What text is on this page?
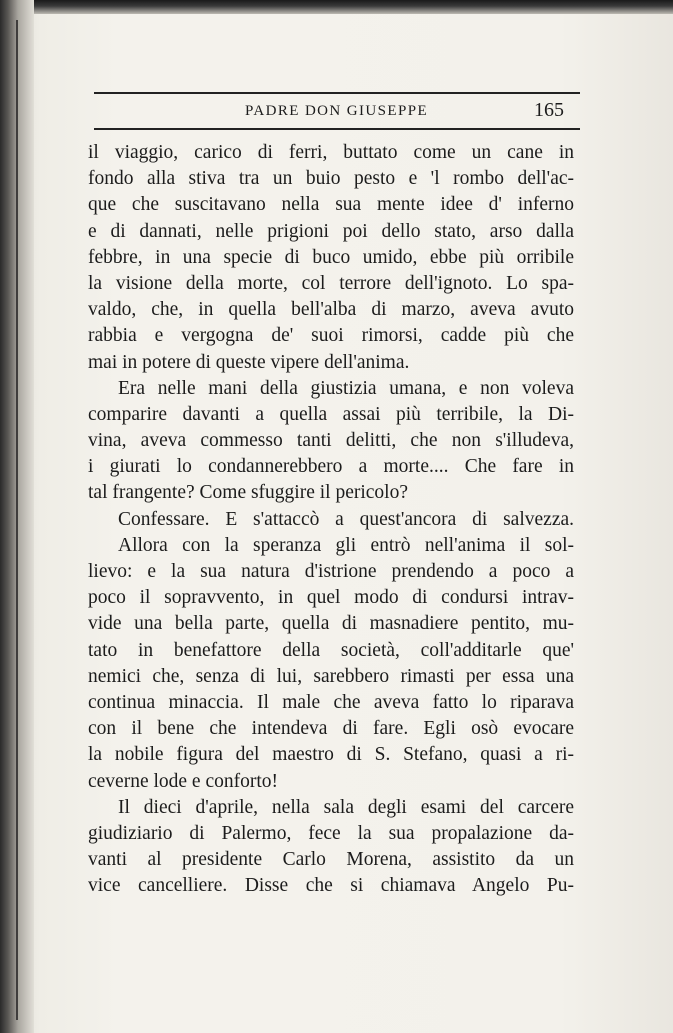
PADRE DON GIUSEPPE	165
il viaggio, carico di ferri, buttato come un cane in
fondo alla stiva tra un buio pesto e 'l rombo dell'ac-
que che suscitavano nella sua mente idee d' inferno
e di dannati, nelle prigioni poi dello stato, arso dalla
febbre, in una specie di buco umido, ebbe più orribile
la visione della morte, col terrore dell'ignoto. Lo spa-
valdo, che, in quella bell'alba di marzo, aveva avuto
rabbia e vergogna de' suoi rimorsi, cadde più che
mai in potere di queste vipere dell'anima.
Era nelle mani della giustizia umana, e non voleva
comparire davanti a quella assai più terribile, la Di-
vina, aveva commesso tanti delitti, che non s'illudeva,
i giurati lo condannerebbero a morte.... Che fare in
tal frangente? Come sfuggire il pericolo?
Confessare. E s'attaccò a quest'ancora di salvezza.
Allora con la speranza gli entrò nell'anima il sol-
lievo: e la sua natura d'istrione prendendo a poco a
poco il sopravvento, in quel modo di condursi intrav-
vide una bella parte, quella di masnadiere pentito, mu-
tato in benefattore della società, coll'additarle que'
nemici che, senza di lui, sarebbero rimasti per essa una
continua minaccia. Il male che aveva fatto lo riparava
con il bene che intendeva di fare. Egli osò evocare
la nobile figura del maestro di S. Stefano, quasi a ri-
ceverne lode e conforto!
Il dieci d'aprile, nella sala degli esami del carcere
giudiziario di Palermo, fece la sua propalazione da-
vanti al presidente Carlo Morena, assistito da un
vice cancelliere. Disse che si chiamava Angelo Pu-
